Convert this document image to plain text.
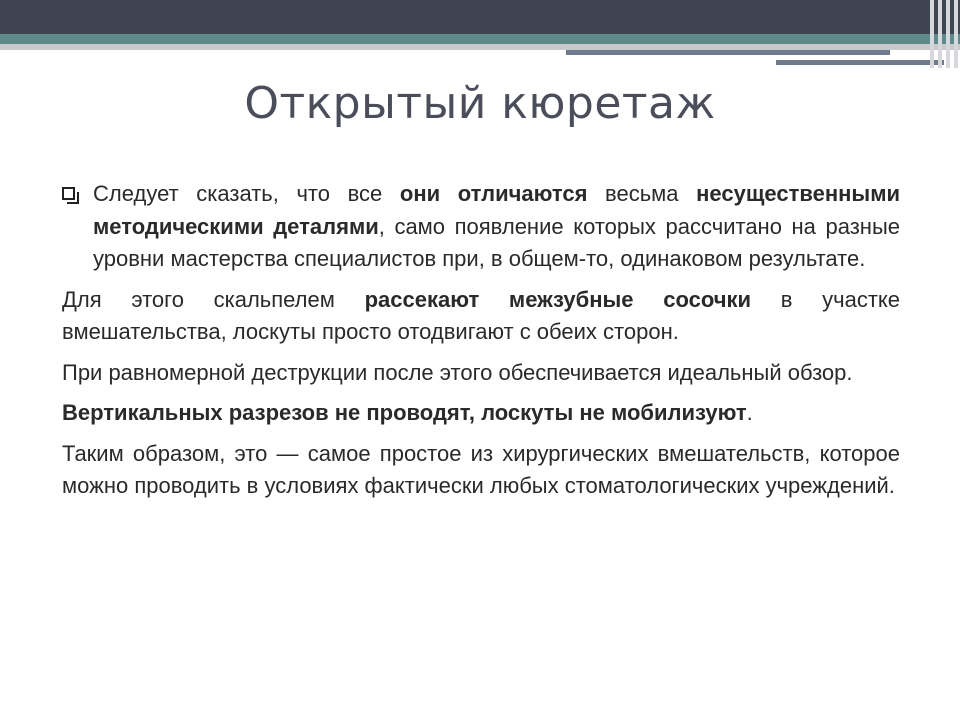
Открытый кюретаж
Следует сказать, что все они отличаются весьма несущественными методическими деталями, само появление которых рассчитано на разные уровни мастерства специалистов при, в общем-то, одинаковом результате.

Для этого скальпелем рассекают межзубные сосочки в участке вмешательства, лоскуты просто отодвигают с обеих сторон.

При равномерной деструкции после этого обеспечивается идеальный обзор.

Вертикальных разрезов не проводят, лоскуты не мобилизуют.

Таким образом, это — самое простое из хирургических вмешательств, которое можно проводить в условиях фактически любых стоматологических учреждений.
